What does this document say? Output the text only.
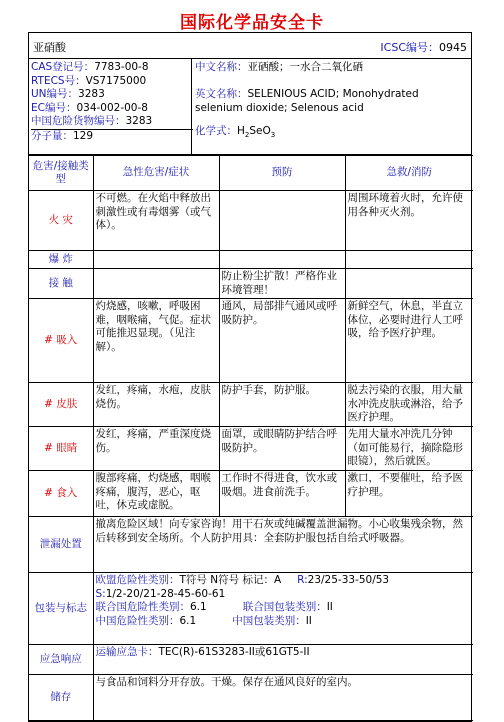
国际化学品安全卡
亚硝酸	ICSC编号：0945
CAS登记号：7783-00-8
RTECS号：VS7175000
UN编号：3283
EC编号：034-002-00-8
中国危险货物编号：3283
分子量：129
中文名称：亚硒酸；一水合二氧化硒
英文名称：SELENIOUS ACID; Monohydrated selenium dioxide; Selenous acid
化学式：$H_2SeO_3$
危害/接触类型	急性危害/症状	预防	急救/消防
火 灾	不可燃。在火焰中释放出刺激性或有毒烟雾（或气体）。		周围环境着火时，允许使用各种灭火剂。
爆 炸			
接 触		防止粉尘扩散！严格作业环境管理！	
# 吸入	灼烧感，咳嗽，呼吸困难，咽喉痛，气促。症状可能推迟显现。（见注解）。	通风，局部排气通风或呼吸防护。	新鲜空气，休息，半直立体位，必要时进行人工呼吸，给予医疗护理。
# 皮肤	发红，疼痛，水疱，皮肤烧伤。	防护手套，防护服。	脱去污染的衣服，用大量水冲洗皮肤或淋浴，给予医疗护理。
# 眼睛	发红，疼痛，严重深度烧伤。	面罩，或眼睛防护结合呼吸防护。	先用大量水冲洗几分钟（如可能易行，摘除隐形眼镜），然后就医。
# 食入	腹部疼痛，灼烧感，咽喉疼痛，腹泻，恶心，呕吐，休克或虚脱。	工作时不得进食，饮水或吸烟。进食前洗手。	漱口，不要催吐，给予医疗护理。
泄漏处置	撤离危险区域！向专家咨询！用干石灰或纯碱覆盖泄漏物。小心收集残余物，然后转移到安全场所。个人防护用具：全套防护服包括自给式呼吸器。		
包装与标志	欧盟危险性类别：T符号 N符号 标记：A R:23/25-33-50/53
S:1/2-20/21-28-45-60-61
联合国危险性类别：6.1 联合国包装类别：II
中国危险性类别：6.1 中国包装类别：II		

应急响应	运输应急卡：TEC(R)-61S3283-II或61GT5-II		
储存	与食品和饲料分开存放。干燥。保存在通风良好的室内。		
